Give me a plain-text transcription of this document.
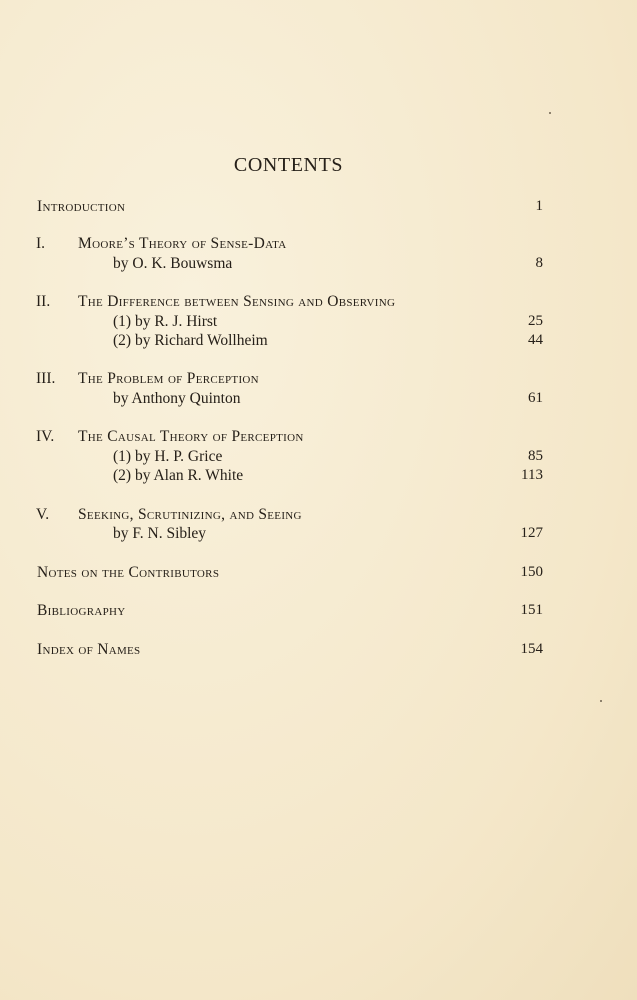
CONTENTS
Introduction	1
I. Moore’s Theory of Sense-Data
by O. K. Bouwsma	8
II. The Difference between Sensing and Observing
(1) by R. J. Hirst	25
(2) by Richard Wollheim	44
III. The Problem of Perception
by Anthony Quinton	61
IV. The Causal Theory of Perception
(1) by H. P. Grice	85
(2) by Alan R. White	113
V. Seeking, Scrutinizing, and Seeing
by F. N. Sibley	127
Notes on the Contributors	150
Bibliography	151
Index of Names	154
